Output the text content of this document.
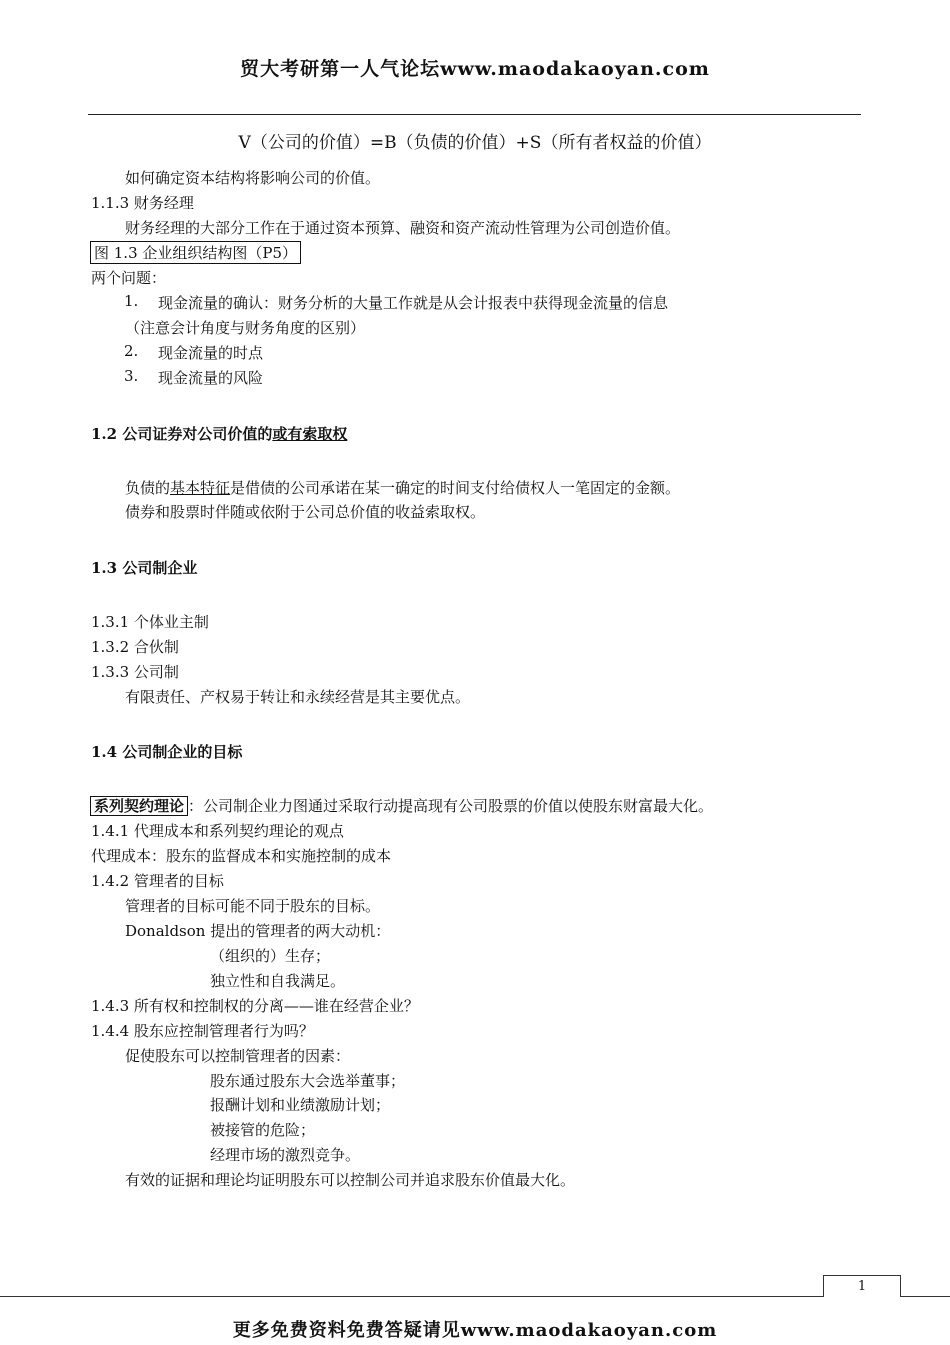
贸大考研第一人气论坛www.maodakaoyan.com
V（公司的价值）=B（负债的价值）+S（所有者权益的价值）
如何确定资本结构将影响公司的价值。
1.1.3 财务经理
财务经理的大部分工作在于通过资本预算、融资和资产流动性管理为公司创造价值。
图 1.3 企业组织结构图（P5）
两个问题：
1. 现金流量的确认：财务分析的大量工作就是从会计报表中获得现金流量的信息
（注意会计角度与财务角度的区别）
2. 现金流量的时点
3. 现金流量的风险
1.2 公司证券对公司价值的或有索取权
负债的基本特征是借债的公司承诺在某一确定的时间支付给债权人一笔固定的金额。
债券和股票时伴随或依附于公司总价值的收益索取权。
1.3 公司制企业
1.3.1 个体业主制
1.3.2 合伙制
1.3.3 公司制
有限责任、产权易于转让和永续经营是其主要优点。
1.4 公司制企业的目标
系列契约理论 ：公司制企业力图通过采取行动提高现有公司股票的价值以使股东财富最大化。
1.4.1 代理成本和系列契约理论的观点
代理成本：股东的监督成本和实施控制的成本
1.4.2 管理者的目标
管理者的目标可能不同于股东的目标。
Donaldson 提出的管理者的两大动机：
（组织的）生存；
独立性和自我满足。
1.4.3 所有权和控制权的分离——谁在经营企业？
1.4.4 股东应控制管理者行为吗？
促使股东可以控制管理者的因素：
股东通过股东大会选举董事；
报酬计划和业绩激励计划；
被接管的危险；
经理市场的激烈竞争。
有效的证据和理论均证明股东可以控制公司并追求股东价值最大化。
1
更多免费资料免费答疑请见www.maodakaoyan.com
